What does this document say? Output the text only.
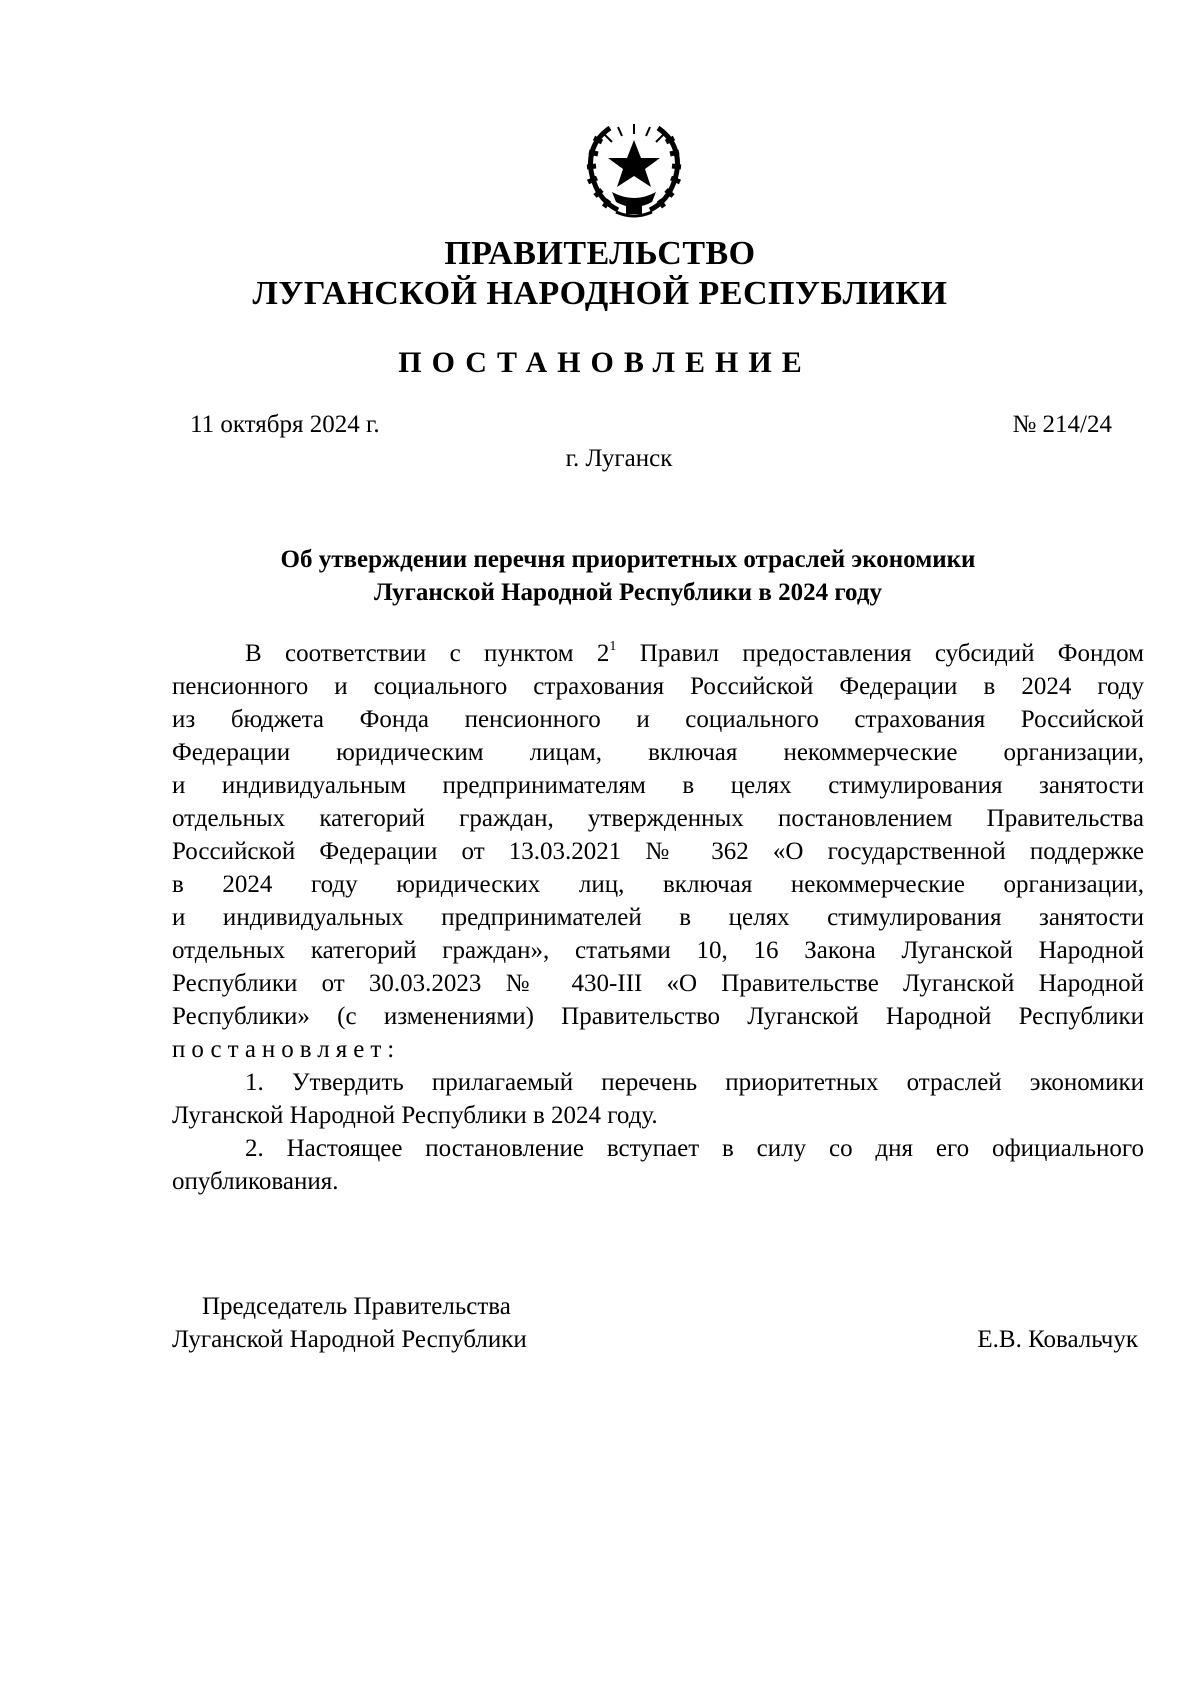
ПРАВИТЕЛЬСТВО
ЛУГАНСКОЙ НАРОДНОЙ РЕСПУБЛИКИ
ПОСТАНОВЛЕНИЕ
11 октября 2024 г.	№ 214/24
г. Луганск
Об утверждении перечня приоритетных отраслей экономики
Луганской Народной Республики в 2024 году
В соответствии с пунктом $2^1$ Правил предоставления субсидий Фондом
пенсионного и социального страхования Российской Федерации в 2024 году
из бюджета Фонда пенсионного и социального страхования Российской
Федерации юридическим лицам, включая некоммерческие организации,
и индивидуальным предпринимателям в целях стимулирования занятости
отдельных категорий граждан, утвержденных постановлением Правительства
Российской Федерации от 13.03.2021 № 362 «О государственной поддержке
в 2024 году юридических лиц, включая некоммерческие организации,
и индивидуальных предпринимателей в целях стимулирования занятости
отдельных категорий граждан», статьями 10, 16 Закона Луганской Народной
Республики от 30.03.2023 № 430-III «О Правительстве Луганской Народной
Республики» (с изменениями) Правительство Луганской Народной Республики
постановляет:
1. Утвердить прилагаемый перечень приоритетных отраслей экономики
Луганской Народной Республики в 2024 году.
2. Настоящее постановление вступает в силу со дня его официального
опубликования.
Председатель Правительства
Луганской Народной Республики	Е.В. Ковальчук
